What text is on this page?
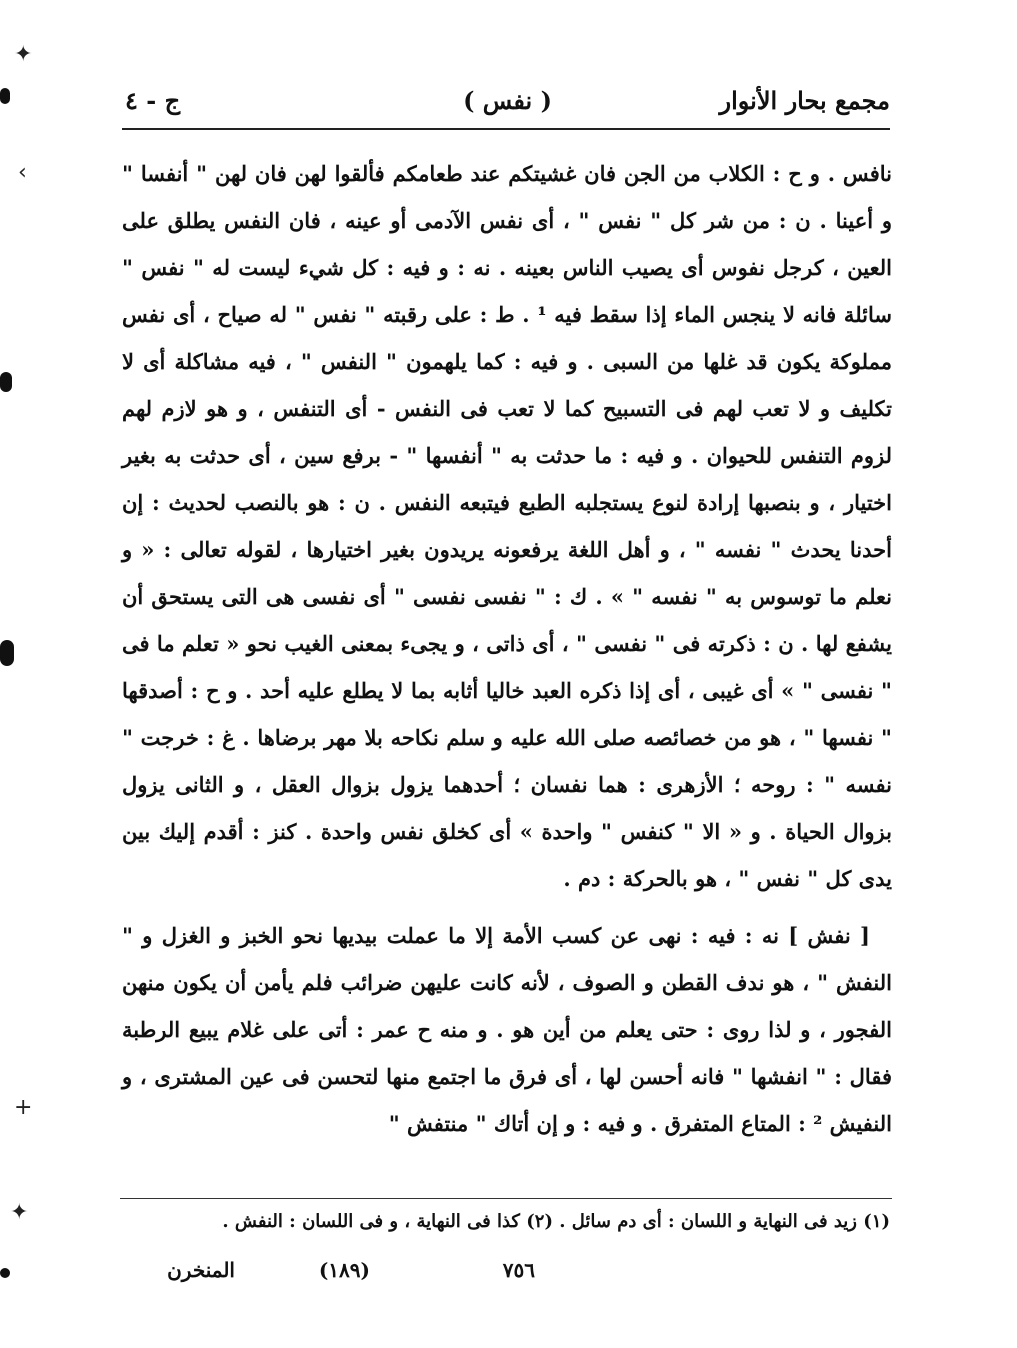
مجمع بحار الأنوار
( نفس )
ج - ٤

نافس . و ح : الكلاب من الجن فان غشيتكم عند طعامكم فألقوا لهن فان لهن " أنفسا " و أعينا . ن : من شر كل " نفس " ، أى نفس الآدمى أو عينه ، فان النفس يطلق على العين ، كرجل نفوس أى يصيب الناس بعينه . نه : و فيه : كل شيء ليست له " نفس " سائلة فانه لا ينجس الماء إذا سقط فيه ¹ . ط : على رقبته " نفس " له صياح ، أى نفس مملوكة يكون قد غلها من السبى . و فيه : كما يلهمون " النفس " ، فيه مشاكلة أى لا تكليف و لا تعب لهم فى التسبيح كما لا تعب فى النفس - أى التنفس ، و هو لازم لهم لزوم التنفس للحيوان . و فيه : ما حدثت به " أنفسها " - برفع سين ، أى حدثت به بغير اختيار ، و بنصبها إرادة لنوع يستجلبه الطبع فيتبعه النفس . ن : هو بالنصب لحديث : إن أحدنا يحدث " نفسه " ، و أهل اللغة يرفعونه يريدون بغير اختيارها ، لقوله تعالى : « و نعلم ما توسوس به " نفسه " » . ك : " نفسى نفسى " أى نفسى هى التى يستحق أن يشفع لها . ن : ذكرته فى " نفسى " ، أى ذاتى ، و يجىء بمعنى الغيب نحو « تعلم ما فى " نفسى " » أى غيبى ، أى إذا ذكره العبد خاليا أثابه بما لا يطلع عليه أحد . و ح : أصدقها " نفسها " ، هو من خصائصه صلى الله عليه و سلم نكاحه بلا مهر برضاها . غ : خرجت " نفسه " : روحه ؛ الأزهرى : هما نفسان ؛ أحدهما يزول بزوال العقل ، و الثانى يزول بزوال الحياة . و « الا " كنفس " واحدة » أى كخلق نفس واحدة . كنز : أقدم إليك بين يدى كل " نفس " ، هو بالحركة : دم .

[ نفش ] نه : فيه : نهى عن كسب الأمة إلا ما عملت بيديها نحو الخبز و الغزل و " النفش " ، هو ندف القطن و الصوف ، لأنه كانت عليهن ضرائب فلم يأمن أن يكون منهن الفجور ، و لذا روى : حتى يعلم من أين هو . و منه ح عمر : أتى على غلام يبيع الرطبة فقال : " انفشها " فانه أحسن لها ، أى فرق ما اجتمع منها لتحسن فى عين المشترى ، و النفيش ² : المتاع المتفرق . و فيه : و إن أتاك " منتفش "

(١) زيد فى النهاية و اللسان : أى دم سائل . (٢) كذا فى النهاية ، و فى اللسان : النفش .
٧٥٦
(١٨٩)
المنخرن
✦
‹
+
✦
